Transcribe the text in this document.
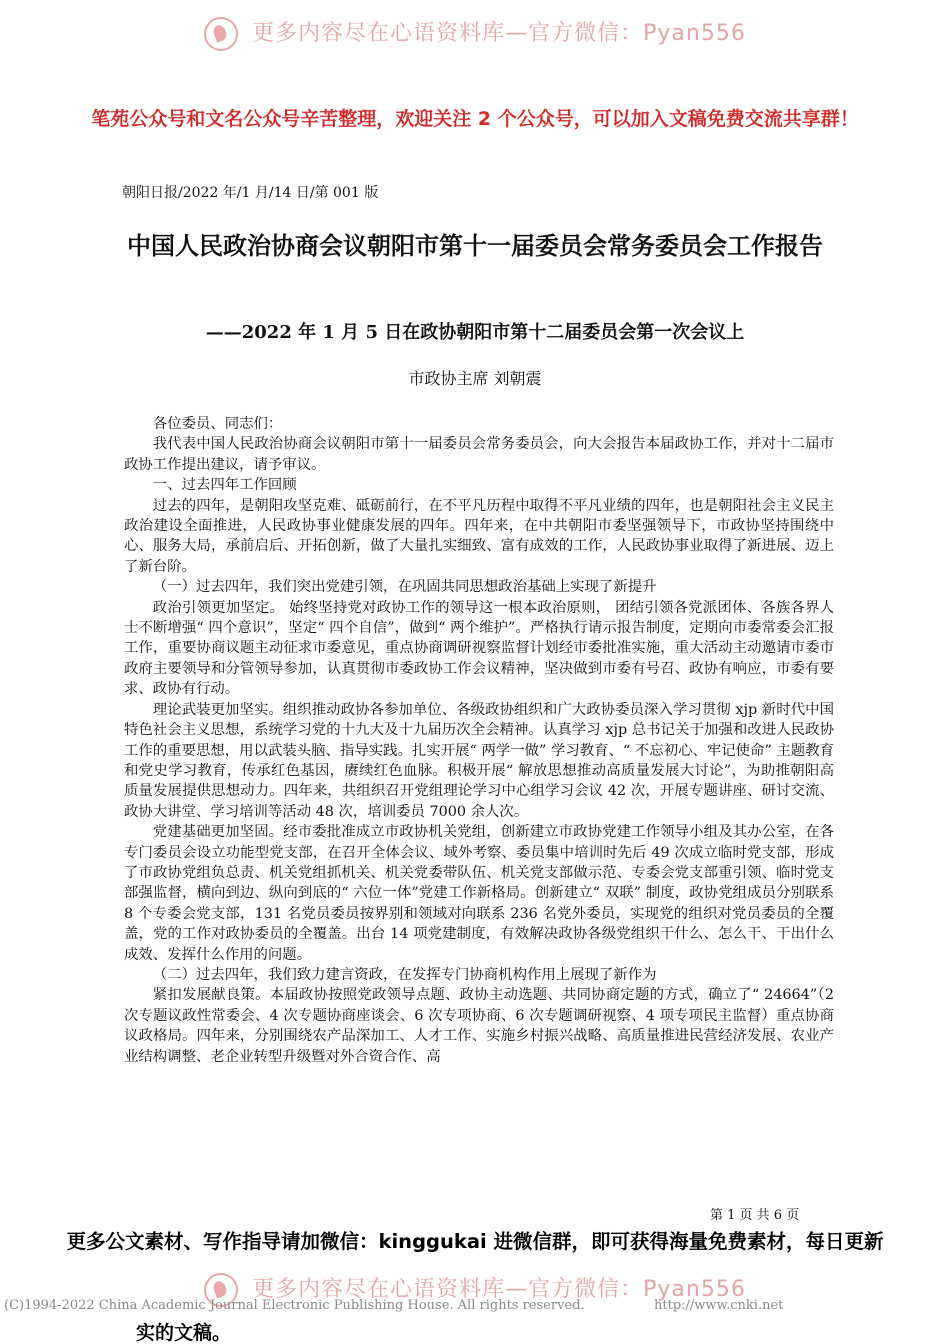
更多内容尽在心语资料库—官方微信：Pyan556
笔苑公众号和文名公众号辛苦整理，欢迎关注 2 个公众号，可以加入文稿免费交流共享群！
朝阳日报/2022 年/1 月/14 日/第 001 版
中国人民政治协商会议朝阳市第十一届委员会常务委员会工作报告
——2022 年 1 月 5 日在政协朝阳市第十二届委员会第一次会议上
市政协主席 刘朝震

各位委员、同志们：

我代表中国人民政治协商会议朝阳市第十一届委员会常务委员会，向大会报告本届政协工作，并对十二届市政协工作提出建议，请予审议。

一、过去四年工作回顾

过去的四年，是朝阳攻坚克难、砥砺前行，在不平凡历程中取得不平凡业绩的四年，也是朝阳社会主义民主政治建设全面推进，人民政协事业健康发展的四年。四年来，在中共朝阳市委坚强领导下，市政协坚持围绕中心、服务大局，承前启后、开拓创新，做了大量扎实细致、富有成效的工作，人民政协事业取得了新进展、迈上了新台阶。

（一）过去四年，我们突出党建引领，在巩固共同思想政治基础上实现了新提升

政治引领更加坚定。 始终坚持党对政协工作的领导这一根本政治原则， 团结引领各党派团体、各族各界人士不断增强“ 四个意识”，坚定“ 四个自信”，做到“ 两个维护”。严格执行请示报告制度，定期向市委常委会汇报工作，重要协商议题主动征求市委意见，重点协商调研视察监督计划经市委批准实施，重大活动主动邀请市委市政府主要领导和分管领导参加，认真贯彻市委政协工作会议精神，坚决做到市委有号召、政协有响应，市委有要求、政协有行动。

理论武装更加坚实。组织推动政协各参加单位、各级政协组织和广大政协委员深入学习贯彻 xjp 新时代中国特色社会主义思想，系统学习党的十九大及十九届历次全会精神。认真学习 xjp 总书记关于加强和改进人民政协工作的重要思想，用以武装头脑、指导实践。扎实开展“ 两学一做” 学习教育、“ 不忘初心、牢记使命” 主题教育和党史学习教育，传承红色基因，赓续红色血脉。积极开展“ 解放思想推动高质量发展大讨论”，为助推朝阳高质量发展提供思想动力。四年来，共组织召开党组理论学习中心组学习会议 42 次，开展专题讲座、研讨交流、政协大讲堂、学习培训等活动 48 次，培训委员 7000 余人次。

党建基础更加坚固。经市委批准成立市政协机关党组，创新建立市政协党建工作领导小组及其办公室，在各专门委员会设立功能型党支部，在召开全体会议、域外考察、委员集中培训时先后 49 次成立临时党支部，形成了市政协党组负总责、机关党组抓机关、机关党委带队伍、机关党支部做示范、专委会党支部重引领、临时党支部强监督，横向到边、纵向到底的“ 六位一体”党建工作新格局。创新建立“ 双联” 制度，政协党组成员分别联系 8 个专委会党支部，131 名党员委员按界别和领域对向联系 236 名党外委员，实现党的组织对党员委员的全覆盖，党的工作对政协委员的全覆盖。出台 14 项党建制度，有效解决政协各级党组织干什么、怎么干、干出什么成效、发挥什么作用的问题。

（二）过去四年，我们致力建言资政，在发挥专门协商机构作用上展现了新作为

紧扣发展献良策。本届政协按照党政领导点题、政协主动选题、共同协商定题的方式，确立了“ 24664”（2 次专题议政性常委会、4 次专题协商座谈会、6 次专项协商、6 次专题调研视察、4 项专项民主监督）重点协商议政格局。四年来，分别围绕农产品深加工、人才工作、实施乡村振兴战略、高质量推进民营经济发展、农业产业结构调整、老企业转型升级暨对外合资合作、高

第 1 页 共 6 页
更多公文素材、写作指导请加微信：kinggukai 进微信群，即可获得海量免费素材，每日更新
更多内容尽在心语资料库—官方微信：Pyan556
(C)1994-2022 China Academic Journal Electronic Publishing House. All rights reserved.	http://www.cnki.net
实的文稿。
